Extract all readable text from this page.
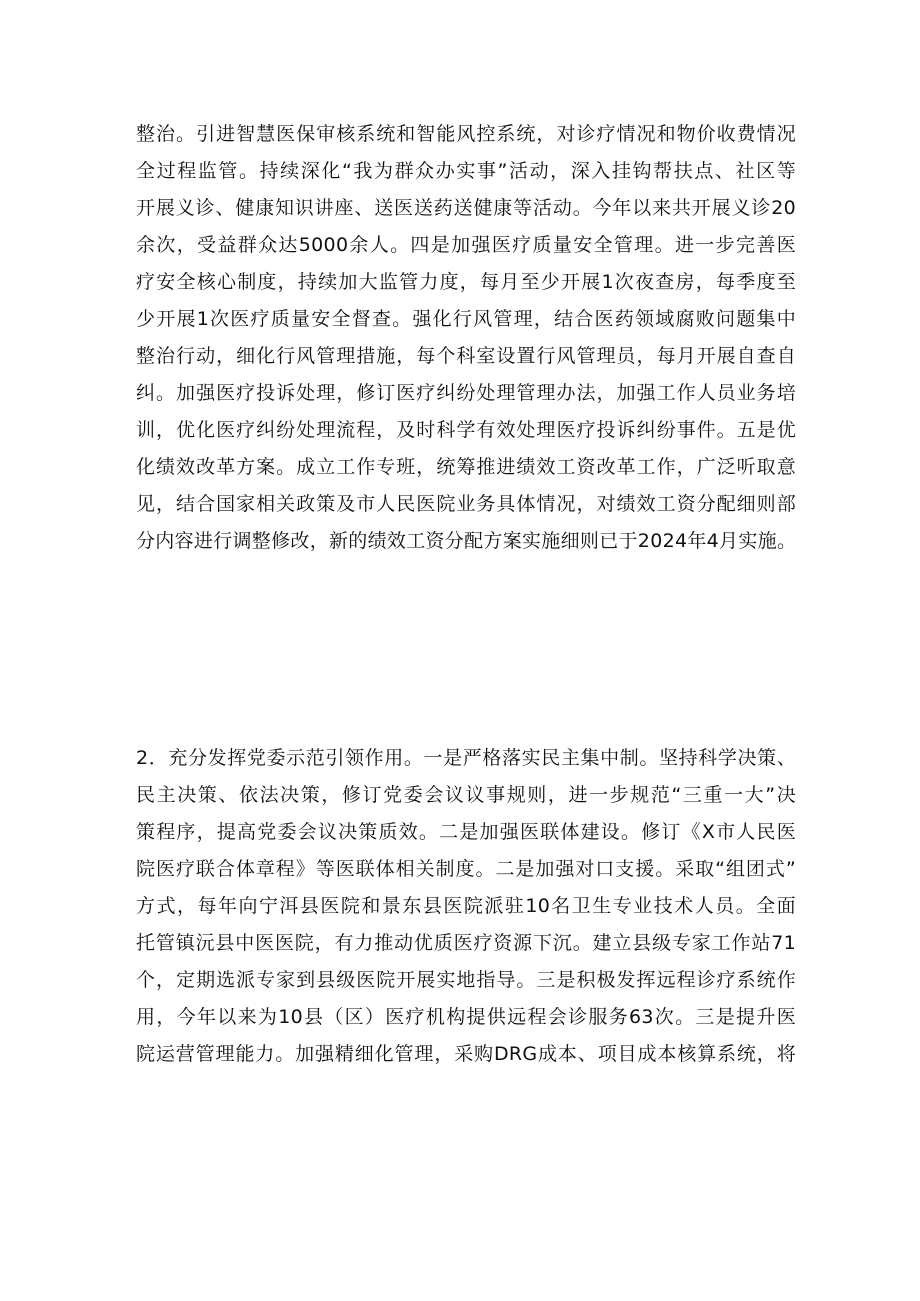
整治。引进智慧医保审核系统和智能风控系统，对诊疗情况和物价收费情况
全过程监管。持续深化“我为群众办实事”活动，深入挂钩帮扶点、社区等
开展义诊、健康知识讲座、送医送药送健康等活动。今年以来共开展义诊20
余次，受益群众达5000余人。四是加强医疗质量安全管理。进一步完善医
疗安全核心制度，持续加大监管力度，每月至少开展1次夜查房，每季度至
少开展1次医疗质量安全督查。强化行风管理，结合医药领域腐败问题集中
整治行动，细化行风管理措施，每个科室设置行风管理员，每月开展自查自
纠。加强医疗投诉处理，修订医疗纠纷处理管理办法，加强工作人员业务培
训，优化医疗纠纷处理流程，及时科学有效处理医疗投诉纠纷事件。五是优
化绩效改革方案。成立工作专班，统筹推进绩效工资改革工作，广泛听取意
见，结合国家相关政策及市人民医院业务具体情况，对绩效工资分配细则部
分内容进行调整修改，新的绩效工资分配方案实施细则已于2024年4月实施。

2．充分发挥党委示范引领作用。一是严格落实民主集中制。坚持科学决策、
民主决策、依法决策，修订党委会议议事规则，进一步规范“三重一大”决
策程序，提高党委会议决策质效。二是加强医联体建设。修订《X市人民医
院医疗联合体章程》等医联体相关制度。二是加强对口支援。采取“组团式”
方式，每年向宁洱县医院和景东县医院派驻10名卫生专业技术人员。全面
托管镇沅县中医医院，有力推动优质医疗资源下沉。建立县级专家工作站71
个，定期选派专家到县级医院开展实地指导。三是积极发挥远程诊疗系统作
用，今年以来为10县（区）医疗机构提供远程会诊服务63次。三是提升医
院运营管理能力。加强精细化管理，采购DRG成本、项目成本核算系统，将
